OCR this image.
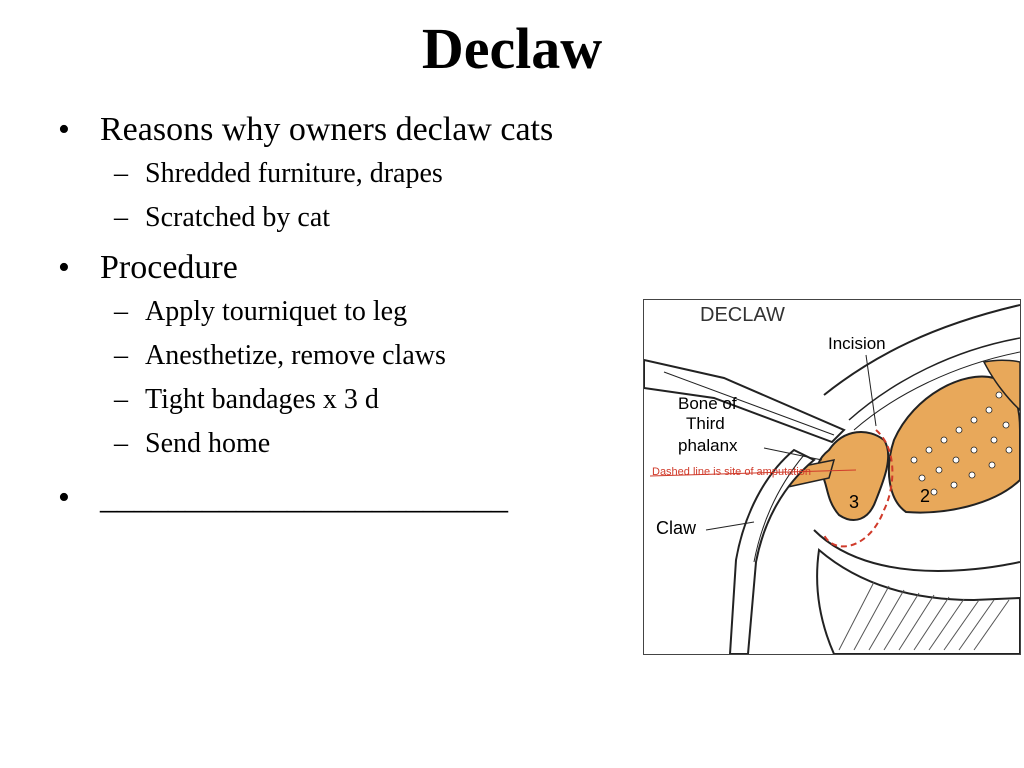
Declaw
• Reasons why owners declaw cats
– Shredded furniture, drapes
– Scratched by cat
• Procedure
– Apply tourniquet to leg
– Anesthetize, remove claws
– Tight bandages x 3 d
– Send home
• ________________________
DECLAW
Incision
Bone of
Third
phalanx
Dashed line is site of amputation
Claw
3	2
